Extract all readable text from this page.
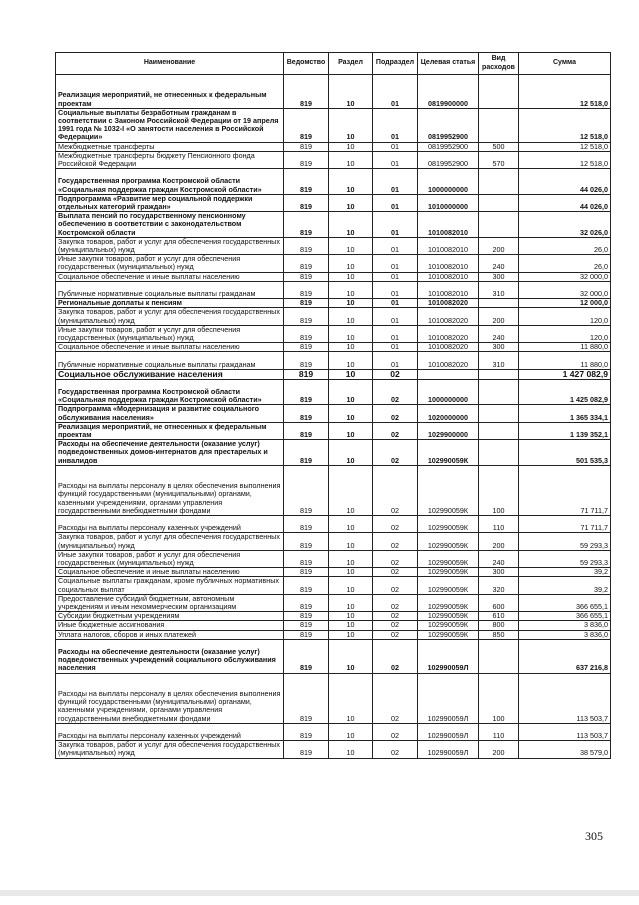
Наименование	Ведомство	Раздел	Подраздел	Целевая статья	Вид расходов	Сумма
Реализация мероприятий, не отнесенных к федеральным проектам	819	10	01	0819900000		12 518,0
Социальные выплаты безработным гражданам в соответствии с Законом Российской Федерации от 19 апреля 1991 года № 1032-I «О занятости населения в Российской Федерации»	819	10	01	0819952900		12 518,0
Межбюджетные трансферты	819	10	01	0819952900	500	12 518,0
Межбюджетные трансферты бюджету Пенсионного фонда Российской Федерации	819	10	01	0819952900	570	12 518,0
Государственная программа Костромской области «Социальная поддержка граждан Костромской области»	819	10	01	1000000000		44 026,0
Подпрограмма «Развитие мер социальной поддержки отдельных категорий граждан»	819	10	01	1010000000		44 026,0
Выплата пенсий по государственному пенсионному обеспечению в соответствии с законодательством Костромской области	819	10	01	1010082010		32 026,0
Закупка товаров, работ и услуг для обеспечения государственных (муниципальных) нужд	819	10	01	1010082010	200	26,0
Иные закупки товаров, работ и услуг для обеспечения государственных (муниципальных) нужд	819	10	01	1010082010	240	26,0
Социальное обеспечение и иные выплаты населению	819	10	01	1010082010	300	32 000,0
Публичные нормативные социальные выплаты гражданам	819	10	01	1010082010	310	32 000,0
Региональные доплаты к пенсиям	819	10	01	1010082020		12 000,0
Закупка товаров, работ и услуг для обеспечения государственных (муниципальных) нужд	819	10	01	1010082020	200	120,0
Иные закупки товаров, работ и услуг для обеспечения государственных (муниципальных) нужд	819	10	01	1010082020	240	120,0
Социальное обеспечение и иные выплаты населению	819	10	01	1010082020	300	11 880,0
Публичные нормативные социальные выплаты гражданам	819	10	01	1010082020	310	11 880,0
Социальное обслуживание населения	819	10	02			1 427 082,9
Государственная программа Костромской области «Социальная поддержка граждан Костромской области»	819	10	02	1000000000		1 425 082,9
Подпрограмма «Модернизация и развитие социального обслуживания населения»	819	10	02	1020000000		1 365 334,1
Реализация мероприятий, не отнесенных к федеральным проектам	819	10	02	1029900000		1 139 352,1
Расходы на обеспечение деятельности (оказание услуг) подведомственных домов-интернатов для престарелых и инвалидов	819	10	02	102990059К		501 535,3
Расходы на выплаты персоналу в целях обеспечения выполнения функций государственными (муниципальными) органами, казенными учреждениями, органами управления государственными внебюджетными фондами	819	10	02	102990059К	100	71 711,7
Расходы на выплаты персоналу казенных учреждений	819	10	02	102990059К	110	71 711,7
Закупка товаров, работ и услуг для обеспечения государственных (муниципальных) нужд	819	10	02	102990059К	200	59 293,3
Иные закупки товаров, работ и услуг для обеспечения государственных (муниципальных) нужд	819	10	02	102990059К	240	59 293,3
Социальное обеспечение и иные выплаты населению	819	10	02	102990059К	300	39,2
Социальные выплаты гражданам, кроме публичных нормативных социальных выплат	819	10	02	102990059К	320	39,2
Предоставление субсидий бюджетным, автономным учреждениям и иным некоммерческим организациям	819	10	02	102990059К	600	366 655,1
Субсидии бюджетным учреждениям	819	10	02	102990059К	610	366 655,1
Иные бюджетные ассигнования	819	10	02	102990059К	800	3 836,0
Уплата налогов, сборов и иных платежей	819	10	02	102990059К	850	3 836,0
Расходы на обеспечение деятельности (оказание услуг) подведомственных учреждений социального обслуживания населения	819	10	02	102990059Л		637 216,8
Расходы на выплаты персоналу в целях обеспечения выполнения функций государственными (муниципальными) органами, казенными учреждениями, органами управления государственными внебюджетными фондами	819	10	02	102990059Л	100	113 503,7
Расходы на выплаты персоналу казенных учреждений	819	10	02	102990059Л	110	113 503,7
Закупка товаров, работ и услуг для обеспечения государственных (муниципальных) нужд	819	10	02	102990059Л	200	38 579,0
305
